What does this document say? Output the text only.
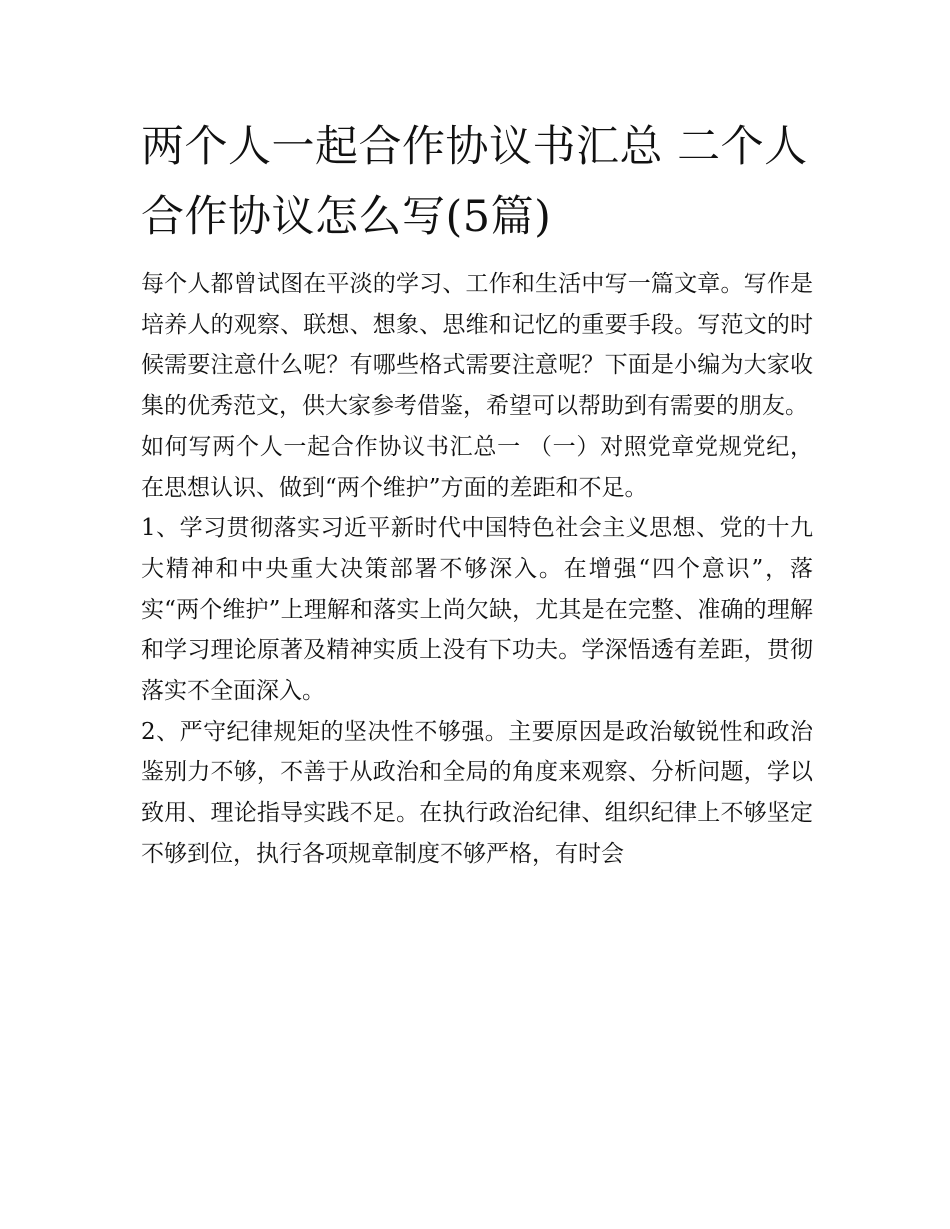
两个人一起合作协议书汇总 二个人合作协议怎么写(5篇)

每个人都曾试图在平淡的学习、工作和生活中写一篇文章。写作是培养人的观察、联想、想象、思维和记忆的重要手段。写范文的时候需要注意什么呢？有哪些格式需要注意呢？下面是小编为大家收集的优秀范文，供大家参考借鉴，希望可以帮助到有需要的朋友。

如何写两个人一起合作协议书汇总一 （一）对照党章党规党纪，在思想认识、做到“两个维护”方面的差距和不足。

1、学习贯彻落实习近平新时代中国特色社会主义思想、党的十九大精神和中央重大决策部署不够深入。在增强“四个意识”，落实“两个维护”上理解和落实上尚欠缺，尤其是在完整、准确的理解和学习理论原著及精神实质上没有下功夫。学深悟透有差距，贯彻落实不全面深入。

2、严守纪律规矩的坚决性不够强。主要原因是政治敏锐性和政治鉴别力不够，不善于从政治和全局的角度来观察、分析问题，学以致用、理论指导实践不足。在执行政治纪律、组织纪律上不够坚定不够到位，执行各项规章制度不够严格，有时会
